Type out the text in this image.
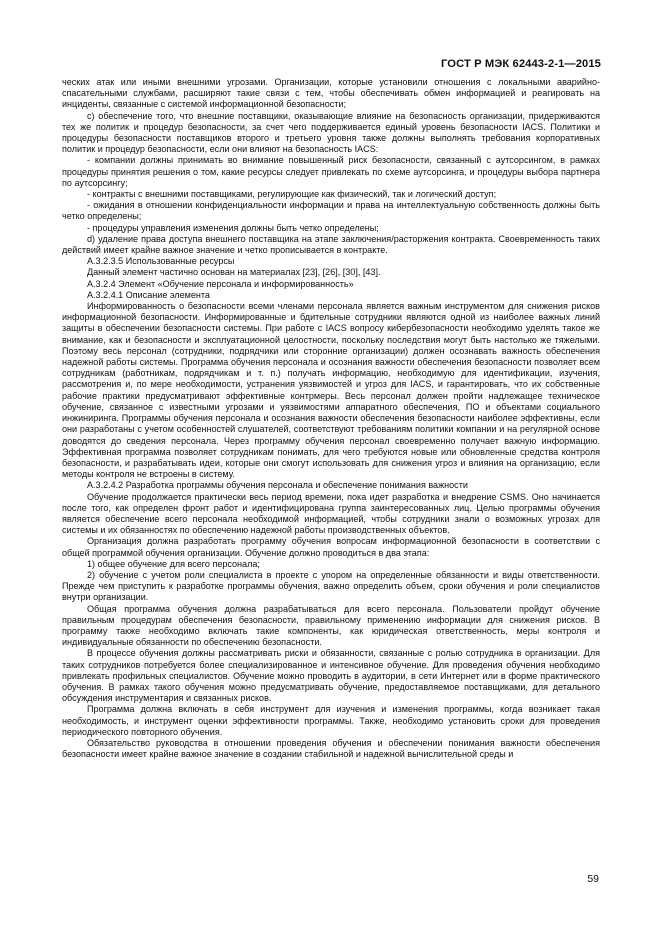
ГОСТ Р МЭК 62443-2-1—2015

ческих атак или иными внешними угрозами. Организации, которые установили отношения с локальными аварийно-спасательными службами, расширяют такие связи с тем, чтобы обеспечивать обмен информацией и реагировать на инциденты, связанные с системой информационной безопасности;

с) обеспечение того, что внешние поставщики, оказывающие влияние на безопасность организации, придерживаются тех же политик и процедур безопасности, за счет чего поддерживается единый уровень безопасности IACS. Политики и процедуры безопасности поставщиков второго и третьего уровня также должны выполнять требования корпоративных политик и процедур безопасности, если они влияют на безопасность IACS:

- компании должны принимать во внимание повышенный риск безопасности, связанный с аутсорсингом, в рамках процедуры принятия решения о том, какие ресурсы следует привлекать по схеме аутсорсинга, и процедуры выбора партнера по аутсорсингу;

- контракты с внешними поставщиками, регулирующие как физический, так и логический доступ;

- ожидания в отношении конфиденциальности информации и права на интеллектуальную собственность должны быть четко определены;

- процедуры управления изменения должны быть четко определены;

d) удаление права доступа внешнего поставщика на этапе заключения/расторжения контракта. Своевременность таких действий имеет крайне важное значение и четко прописывается в контракте.

А.3.2.3.5 Использованные ресурсы

Данный элемент частично основан на материалах [23], [26], [30], [43].

А.3.2.4 Элемент «Обучение персонала и информированность»

А.3.2.4.1 Описание элемента

Информированность о безопасности всеми членами персонала является важным инструментом для снижения рисков информационной безопасности. Информированные и бдительные сотрудники являются одной из наиболее важных линий защиты в обеспечении безопасности системы. При работе с IACS вопросу кибербезопасности необходимо уделять такое же внимание, как и безопасности и эксплуатационной целостности, поскольку последствия могут быть настолько же тяжелыми. Поэтому весь персонал (сотрудники, подрядчики или сторонние организации) должен осознавать важность обеспечения надежной работы системы. Программа обучения персонала и осознания важности обеспечения безопасности позволяет всем сотрудникам (работникам, подрядчикам и т. п.) получать информацию, необходимую для идентификации, изучения, рассмотрения и, по мере необходимости, устранения уязвимостей и угроз для IACS, и гарантировать, что их собственные рабочие практики предусматривают эффективные контрмеры. Весь персонал должен пройти надлежащее техническое обучение, связанное с известными угрозами и уязвимостями аппаратного обеспечения, ПО и объектами социального инжиниринга. Программы обучения персонала и осознания важности обеспечения безопасности наиболее эффективны, если они разработаны с учетом особенностей слушателей, соответствуют требованиям политики компании и на регулярной основе доводятся до сведения персонала. Через программу обучения персонал своевременно получает важную информацию. Эффективная программа позволяет сотрудникам понимать, для чего требуются новые или обновленные средства контроля безопасности, и разрабатывать идеи, которые они смогут использовать для снижения угроз и влияния на организацию, если методы контроля не встроены в систему.

А.3.2.4.2 Разработка программы обучения персонала и обеспечение понимания важности

Обучение продолжается практически весь период времени, пока идет разработка и внедрение CSMS. Оно начинается после того, как определен фронт работ и идентифицирована группа заинтересованных лиц. Целью программы обучения является обеспечение всего персонала необходимой информацией, чтобы сотрудники знали о возможных угрозах для системы и их обязанностях по обеспечению надежной работы производственных объектов.

Организация должна разработать программу обучения вопросам информационной безопасности в соответствии с общей программой обучения организации. Обучение должно проводиться в два этапа:

1) общее обучение для всего персонала;

2) обучение с учетом роли специалиста в проекте с упором на определенные обязанности и виды ответственности. Прежде чем приступить к разработке программы обучения, важно определить объем, сроки обучения и роли специалистов внутри организации.

Общая программа обучения должна разрабатываться для всего персонала. Пользователи пройдут обучение правильным процедурам обеспечения безопасности, правильному применению информации для снижения рисков. В программу также необходимо включать такие компоненты, как юридическая ответственность, меры контроля и индивидуальные обязанности по обеспечению безопасности.

В процессе обучения должны рассматривать риски и обязанности, связанные с ролью сотрудника в организации. Для таких сотрудников потребуется более специализированное и интенсивное обучение. Для проведения обучения необходимо привлекать профильных специалистов. Обучение можно проводить в аудитории, в сети Интернет или в форме практического обучения. В рамках такого обучения можно предусматривать обучение, предоставляемое поставщиками, для детального обсуждения инструментария и связанных рисков.

Программа должна включать в себя инструмент для изучения и изменения программы, когда возникает такая необходимость, и инструмент оценки эффективности программы. Также, необходимо установить сроки для проведения периодического повторного обучения.

Обязательство руководства в отношении проведения обучения и обеспечении понимания важности обеспечения безопасности имеет крайне важное значение в создании стабильной и надежной вычислительной среды и

59
